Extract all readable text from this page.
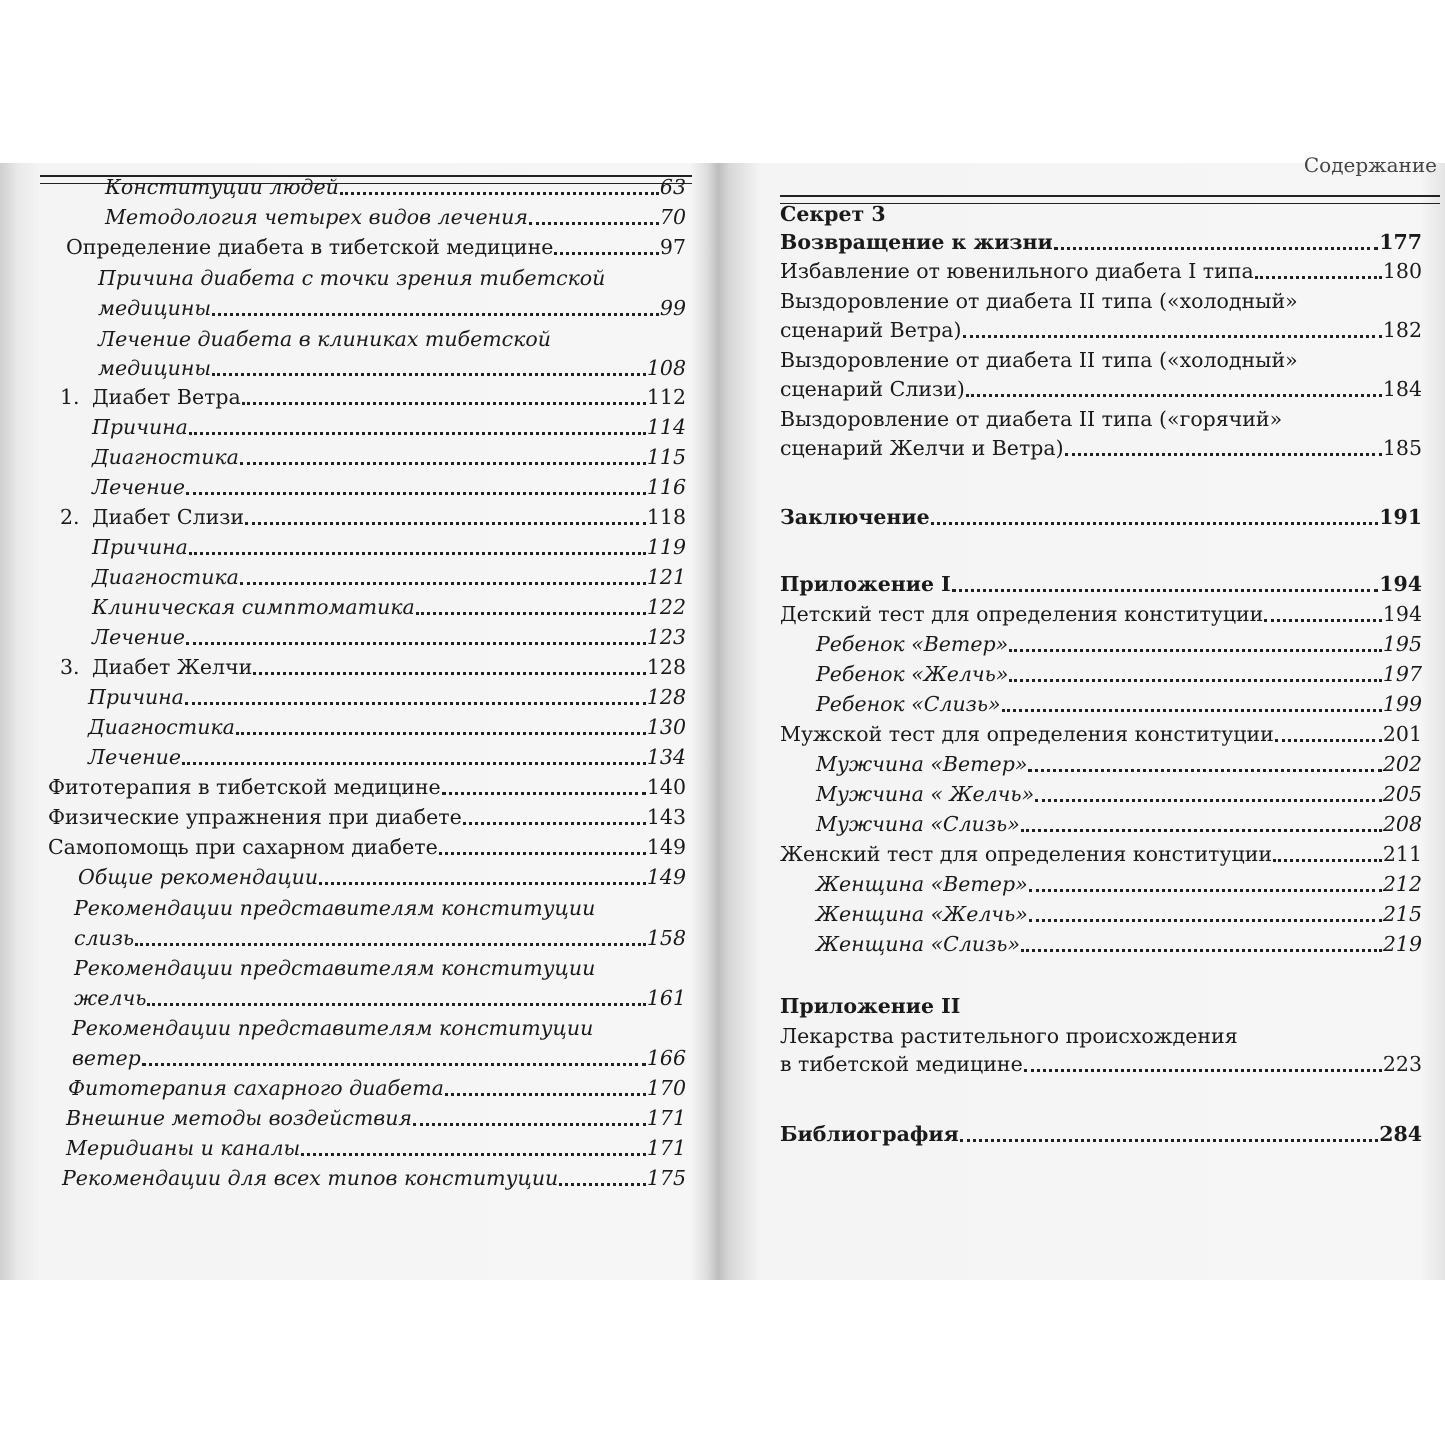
Конституции людей	63
Методология четырех видов лечения	70
Определение диабета в тибетской медицине	97
Причина диабета с точки зрения тибетской
медицины	99
Лечение диабета в клиниках тибетской
медицины	108
1. Диабет Ветра	112
Причина	114
Диагностика	115
Лечение	116
2. Диабет Слизи	118
Причина	119
Диагностика	121
Клиническая симптоматика	122
Лечение	123
3. Диабет Желчи	128
Причина	128
Диагностика	130
Лечение	134
Фитотерапия в тибетской медицине	140
Физические упражнения при диабете	143
Самопомощь при сахарном диабете	149
Общие рекомендации	149
Рекомендации представителям конституции
слизь	158
Рекомендации представителям конституции
желчь	161
Рекомендации представителям конституции
ветер	166
Фитотерапия сахарного диабета	170
Внешние методы воздействия	171
Меридианы и каналы	171
Рекомендации для всех типов конституции	175
Содержание
Секрет 3
Возвращение к жизни	177
Избавление от ювенильного диабета I типа	180
Выздоровление от диабета II типа («холодный»
сценарий Ветра)	182
Выздоровление от диабета II типа («холодный»
сценарий Слизи)	184
Выздоровление от диабета II типа («горячий»
сценарий Желчи и Ветра)	185
Заключение	191
Приложение I	194
Детский тест для определения конституции	194
Ребенок «Ветер»	195
Ребенок «Желчь»	197
Ребенок «Слизь»	199
Мужской тест для определения конституции	201
Мужчина «Ветер»	202
Мужчина « Желчь»	205
Мужчина «Слизь»	208
Женский тест для определения конституции	211
Женщина «Ветер»	212
Женщина «Желчь»	215
Женщина «Слизь»	219
Приложение II
Лекарства растительного происхождения
в тибетской медицине	223
Библиография	284
